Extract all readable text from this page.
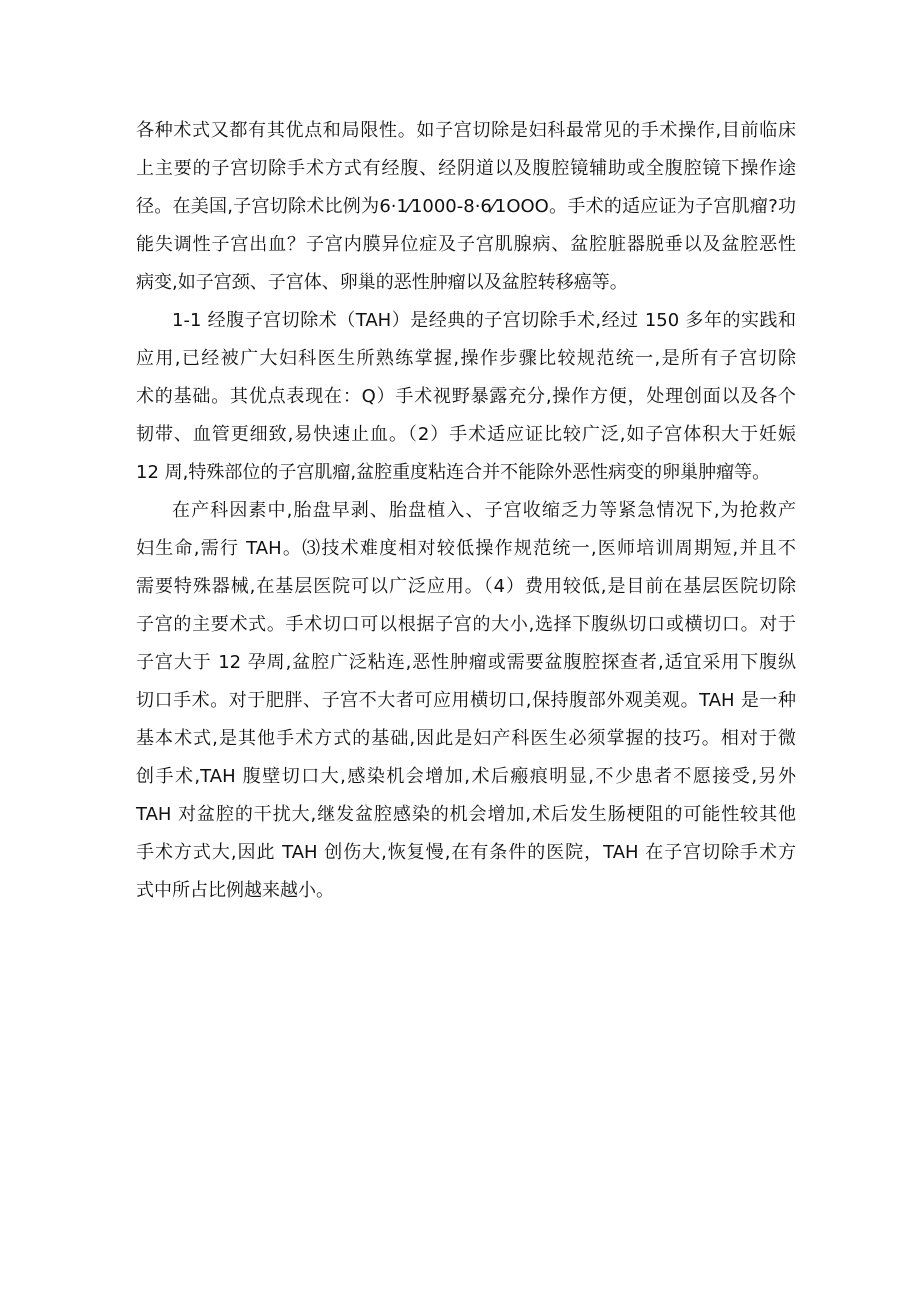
各种术式又都有其优点和局限性。如子宫切除是妇科最常见的手术操作,目前临床
上主要的子宫切除手术方式有经腹、经阴道以及腹腔镜辅助或全腹腔镜下操作途
径。在美国,子宫切除术比例为6·1⁄1000-8·6⁄1OOO。手术的适应证为子宫肌瘤?功
能失调性子宫出血？子宫内膜异位症及子宫肌腺病、盆腔脏器脱垂以及盆腔恶性
病变,如子宫颈、子宫体、卵巢的恶性肿瘤以及盆腔转移癌等。
1-1 经腹子宫切除术（TAH）是经典的子宫切除手术,经过 150 多年的实践和
应用,已经被广大妇科医生所熟练掌握,操作步骤比较规范统一,是所有子宫切除
术的基础。其优点表现在：Q）手术视野暴露充分,操作方便，处理创面以及各个
韧带、血管更细致,易快速止血。（2）手术适应证比较广泛,如子宫体积大于妊娠
12 周,特殊部位的子宫肌瘤,盆腔重度粘连合并不能除外恶性病变的卵巢肿瘤等。
在产科因素中,胎盘早剥、胎盘植入、子宫收缩乏力等紧急情况下,为抢救产
妇生命,需行 TAH。⑶技术难度相对较低操作规范统一,医师培训周期短,并且不
需要特殊器械,在基层医院可以广泛应用。（4）费用较低,是目前在基层医院切除
子宫的主要术式。手术切口可以根据子宫的大小,选择下腹纵切口或横切口。对于
子宫大于 12 孕周,盆腔广泛粘连,恶性肿瘤或需要盆腹腔探查者,适宜采用下腹纵
切口手术。对于肥胖、子宫不大者可应用横切口,保持腹部外观美观。TAH 是一种
基本术式,是其他手术方式的基础,因此是妇产科医生必须掌握的技巧。相对于微
创手术,TAH 腹壁切口大,感染机会增加,术后瘢痕明显,不少患者不愿接受,另外
TAH 对盆腔的干扰大,继发盆腔感染的机会增加,术后发生肠梗阻的可能性较其他
手术方式大,因此 TAH 创伤大,恢复慢,在有条件的医院，TAH 在子宫切除手术方
式中所占比例越来越小。
